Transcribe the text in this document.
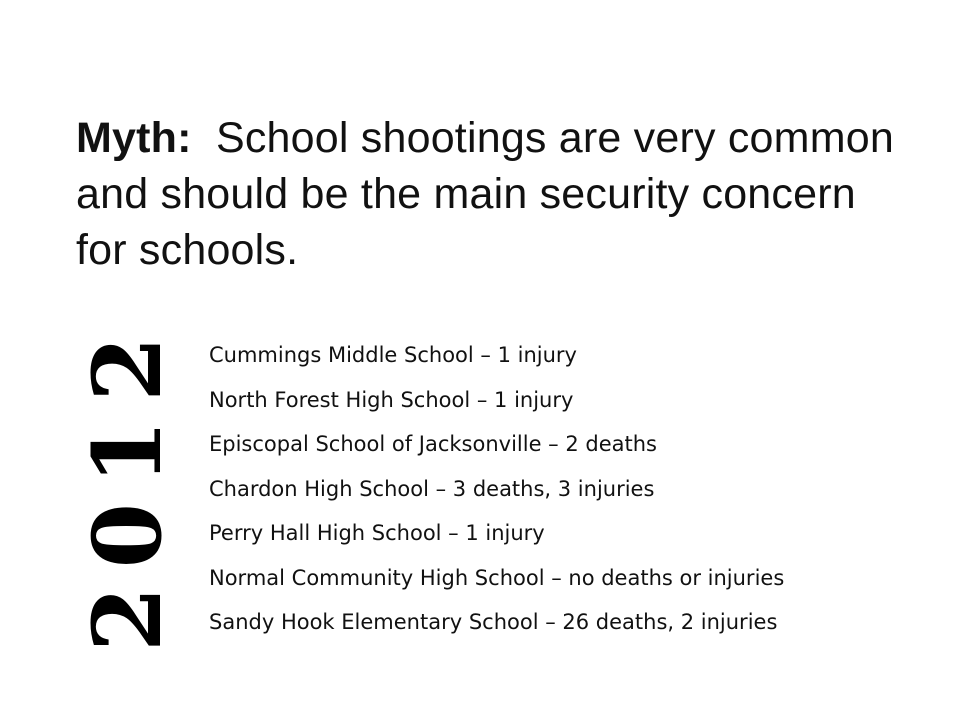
Myth: School shootings are very common and should be the main security concern for schools.
2012 Cummings Middle School – 1 injury
North Forest High School – 1 injury
Episcopal School of Jacksonville – 2 deaths
Chardon High School – 3 deaths, 3 injuries
Perry Hall High School – 1 injury
Normal Community High School – no deaths or injuries
Sandy Hook Elementary School – 26 deaths, 2 injuries
